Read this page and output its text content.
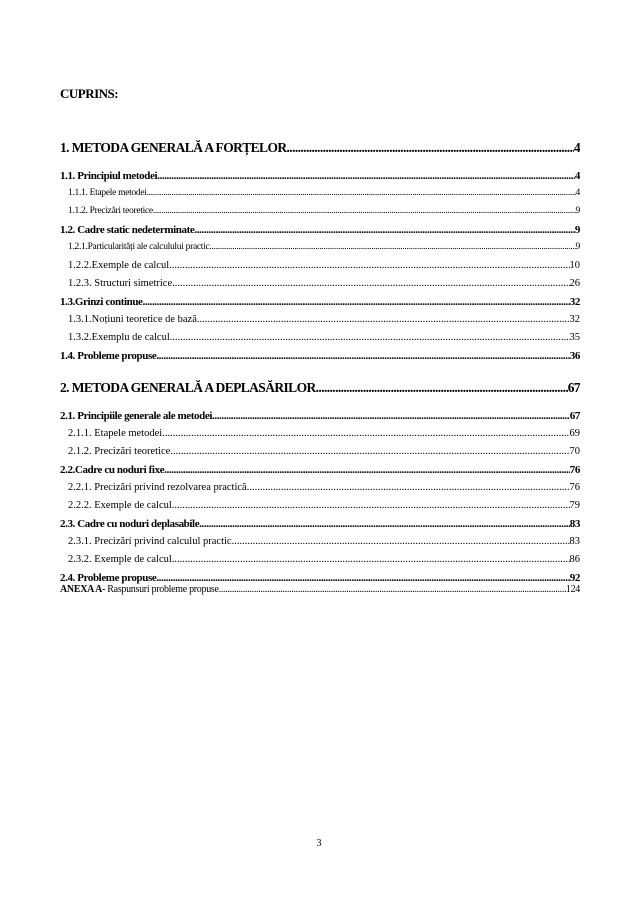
CUPRINS:
1. METODA GENERALĂ A FORȚELOR .....	4
1.1. Principiul metodei .....	4
1.1.1. Etapele metodei .....	4
1.1.2. Precizări teoretice .....	9
1.2. Cadre static nedeterminate .....	9
1.2.1.Particularități ale calculului practic .....	9
1.2.2.Exemple de calcul .....	10
1.2.3. Structuri simetrice .....	26
1.3.Grinzi continue .....	32
1.3.1.Noțiuni teoretice de bază .....	32
1.3.2.Exemplu de calcul .....	35
1.4. Probleme propuse .....	36
2. METODA GENERALĂ A DEPLASĂRILOR .....	67
2.1. Principiile generale ale metodei .....	67
2.1.1. Etapele metodei .....	69
2.1.2. Precizări teoretice .....	70
2.2.Cadre cu noduri fixe .....	76
2.2.1. Precizări privind rezolvarea practică .....	76
2.2.2. Exemple de calcul .....	79
2.3. Cadre cu noduri deplasabile .....	83
2.3.1. Precizări privind calculul practic .....	83
2.3.2. Exemple de calcul .....	86
2.4. Probleme propuse .....	92
ANEXA A- Raspunsuri probleme propuse .....	124
3
